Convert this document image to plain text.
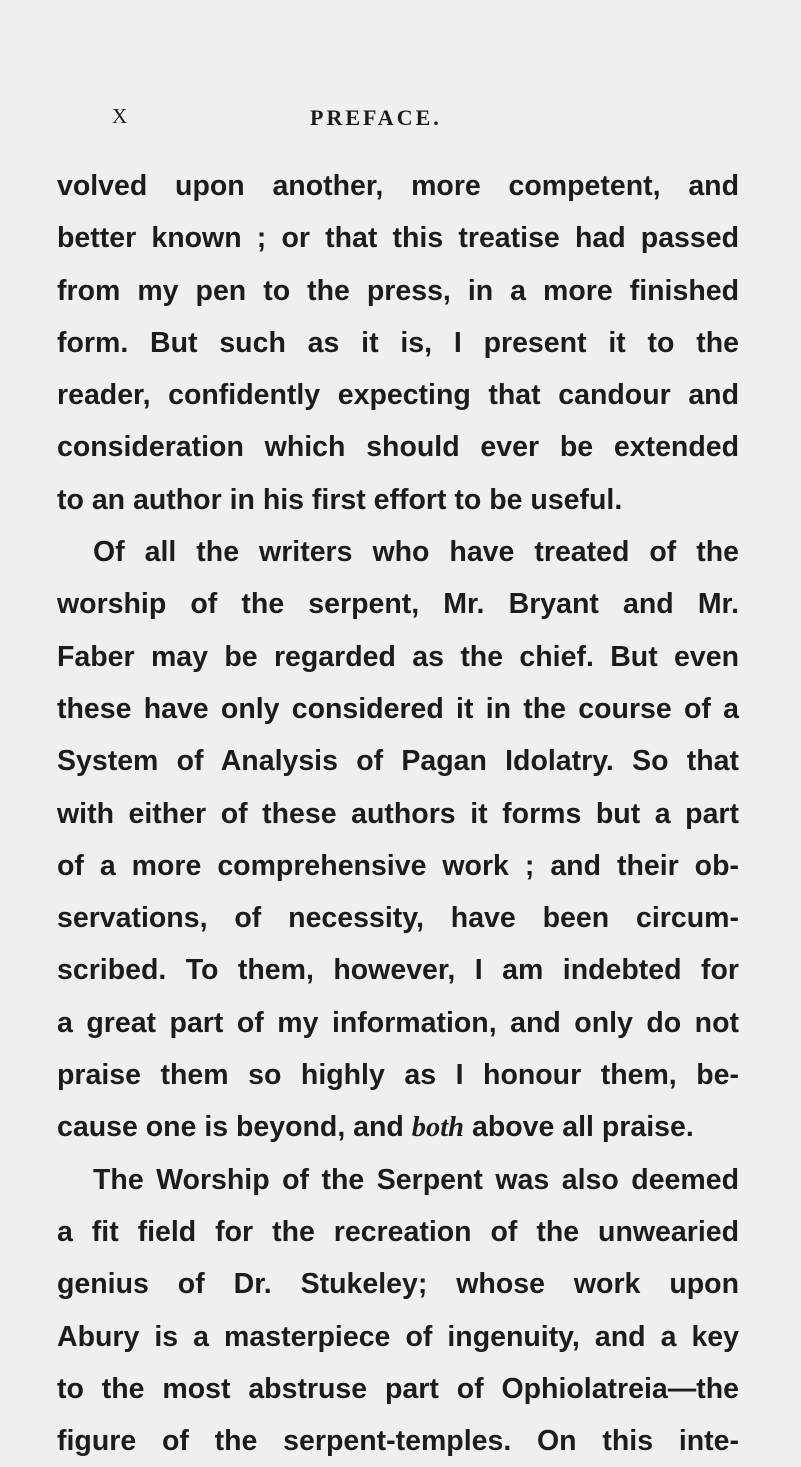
X	PREFACE.
volved upon another, more competent, and
better known ; or that this treatise had passed
from my pen to the press, in a more finished
form. But such as it is, I present it to the
reader, confidently expecting that candour and
consideration which should ever be extended
to an author in his first effort to be useful.
Of all the writers who have treated of the
worship of the serpent, Mr. Bryant and Mr.
Faber may be regarded as the chief. But even
these have only considered it in the course of a
System of Analysis of Pagan Idolatry. So that
with either of these authors it forms but a part
of a more comprehensive work ; and their ob-
servations, of necessity, have been circum-
scribed. To them, however, I am indebted for
a great part of my information, and only do not
praise them so highly as I honour them, be-
cause one is beyond, and both above all praise.
The Worship of the Serpent was also deemed
a fit field for the recreation of the unwearied
genius of Dr. Stukeley; whose work upon
Abury is a masterpiece of ingenuity, and a key
to the most abstruse part of Ophiolatreia—the
figure of the serpent-temples. On this inte-
